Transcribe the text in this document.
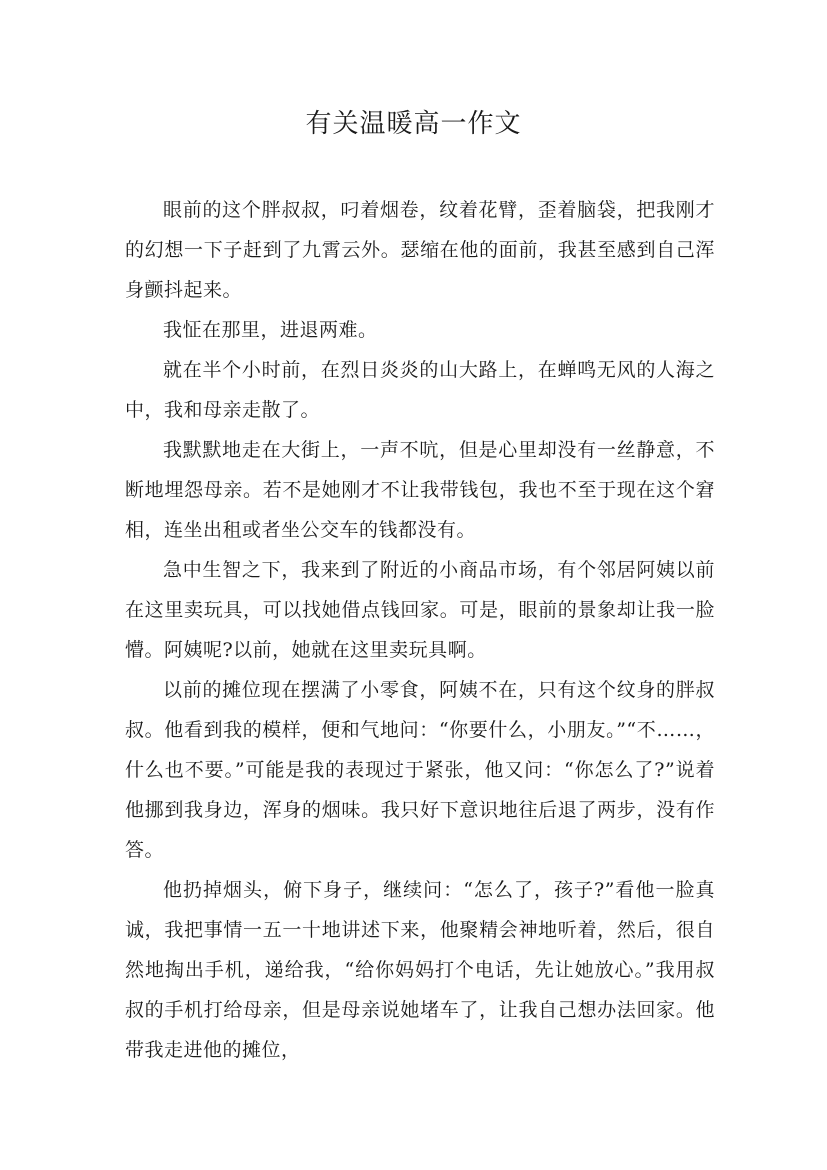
有关温暖高一作文

眼前的这个胖叔叔，叼着烟卷，纹着花臂，歪着脑袋，把我刚才的幻想一下子赶到了九霄云外。瑟缩在他的面前，我甚至感到自己浑身颤抖起来。

我怔在那里，进退两难。

就在半个小时前，在烈日炎炎的山大路上，在蝉鸣无风的人海之中，我和母亲走散了。

我默默地走在大街上，一声不吭，但是心里却没有一丝静意，不断地埋怨母亲。若不是她刚才不让我带钱包，我也不至于现在这个窘相，连坐出租或者坐公交车的钱都没有。

急中生智之下，我来到了附近的小商品市场，有个邻居阿姨以前在这里卖玩具，可以找她借点钱回家。可是，眼前的景象却让我一脸懵。阿姨呢?以前，她就在这里卖玩具啊。

以前的摊位现在摆满了小零食，阿姨不在，只有这个纹身的胖叔叔。他看到我的模样，便和气地问：“你要什么，小朋友。”“不……，什么也不要。”可能是我的表现过于紧张，他又问：“你怎么了?”说着他挪到我身边，浑身的烟味。我只好下意识地往后退了两步，没有作答。

他扔掉烟头，俯下身子，继续问：“怎么了，孩子?”看他一脸真诚，我把事情一五一十地讲述下来，他聚精会神地听着，然后，很自然地掏出手机，递给我，“给你妈妈打个电话，先让她放心。”我用叔叔的手机打给母亲，但是母亲说她堵车了，让我自己想办法回家。他带我走进他的摊位，
